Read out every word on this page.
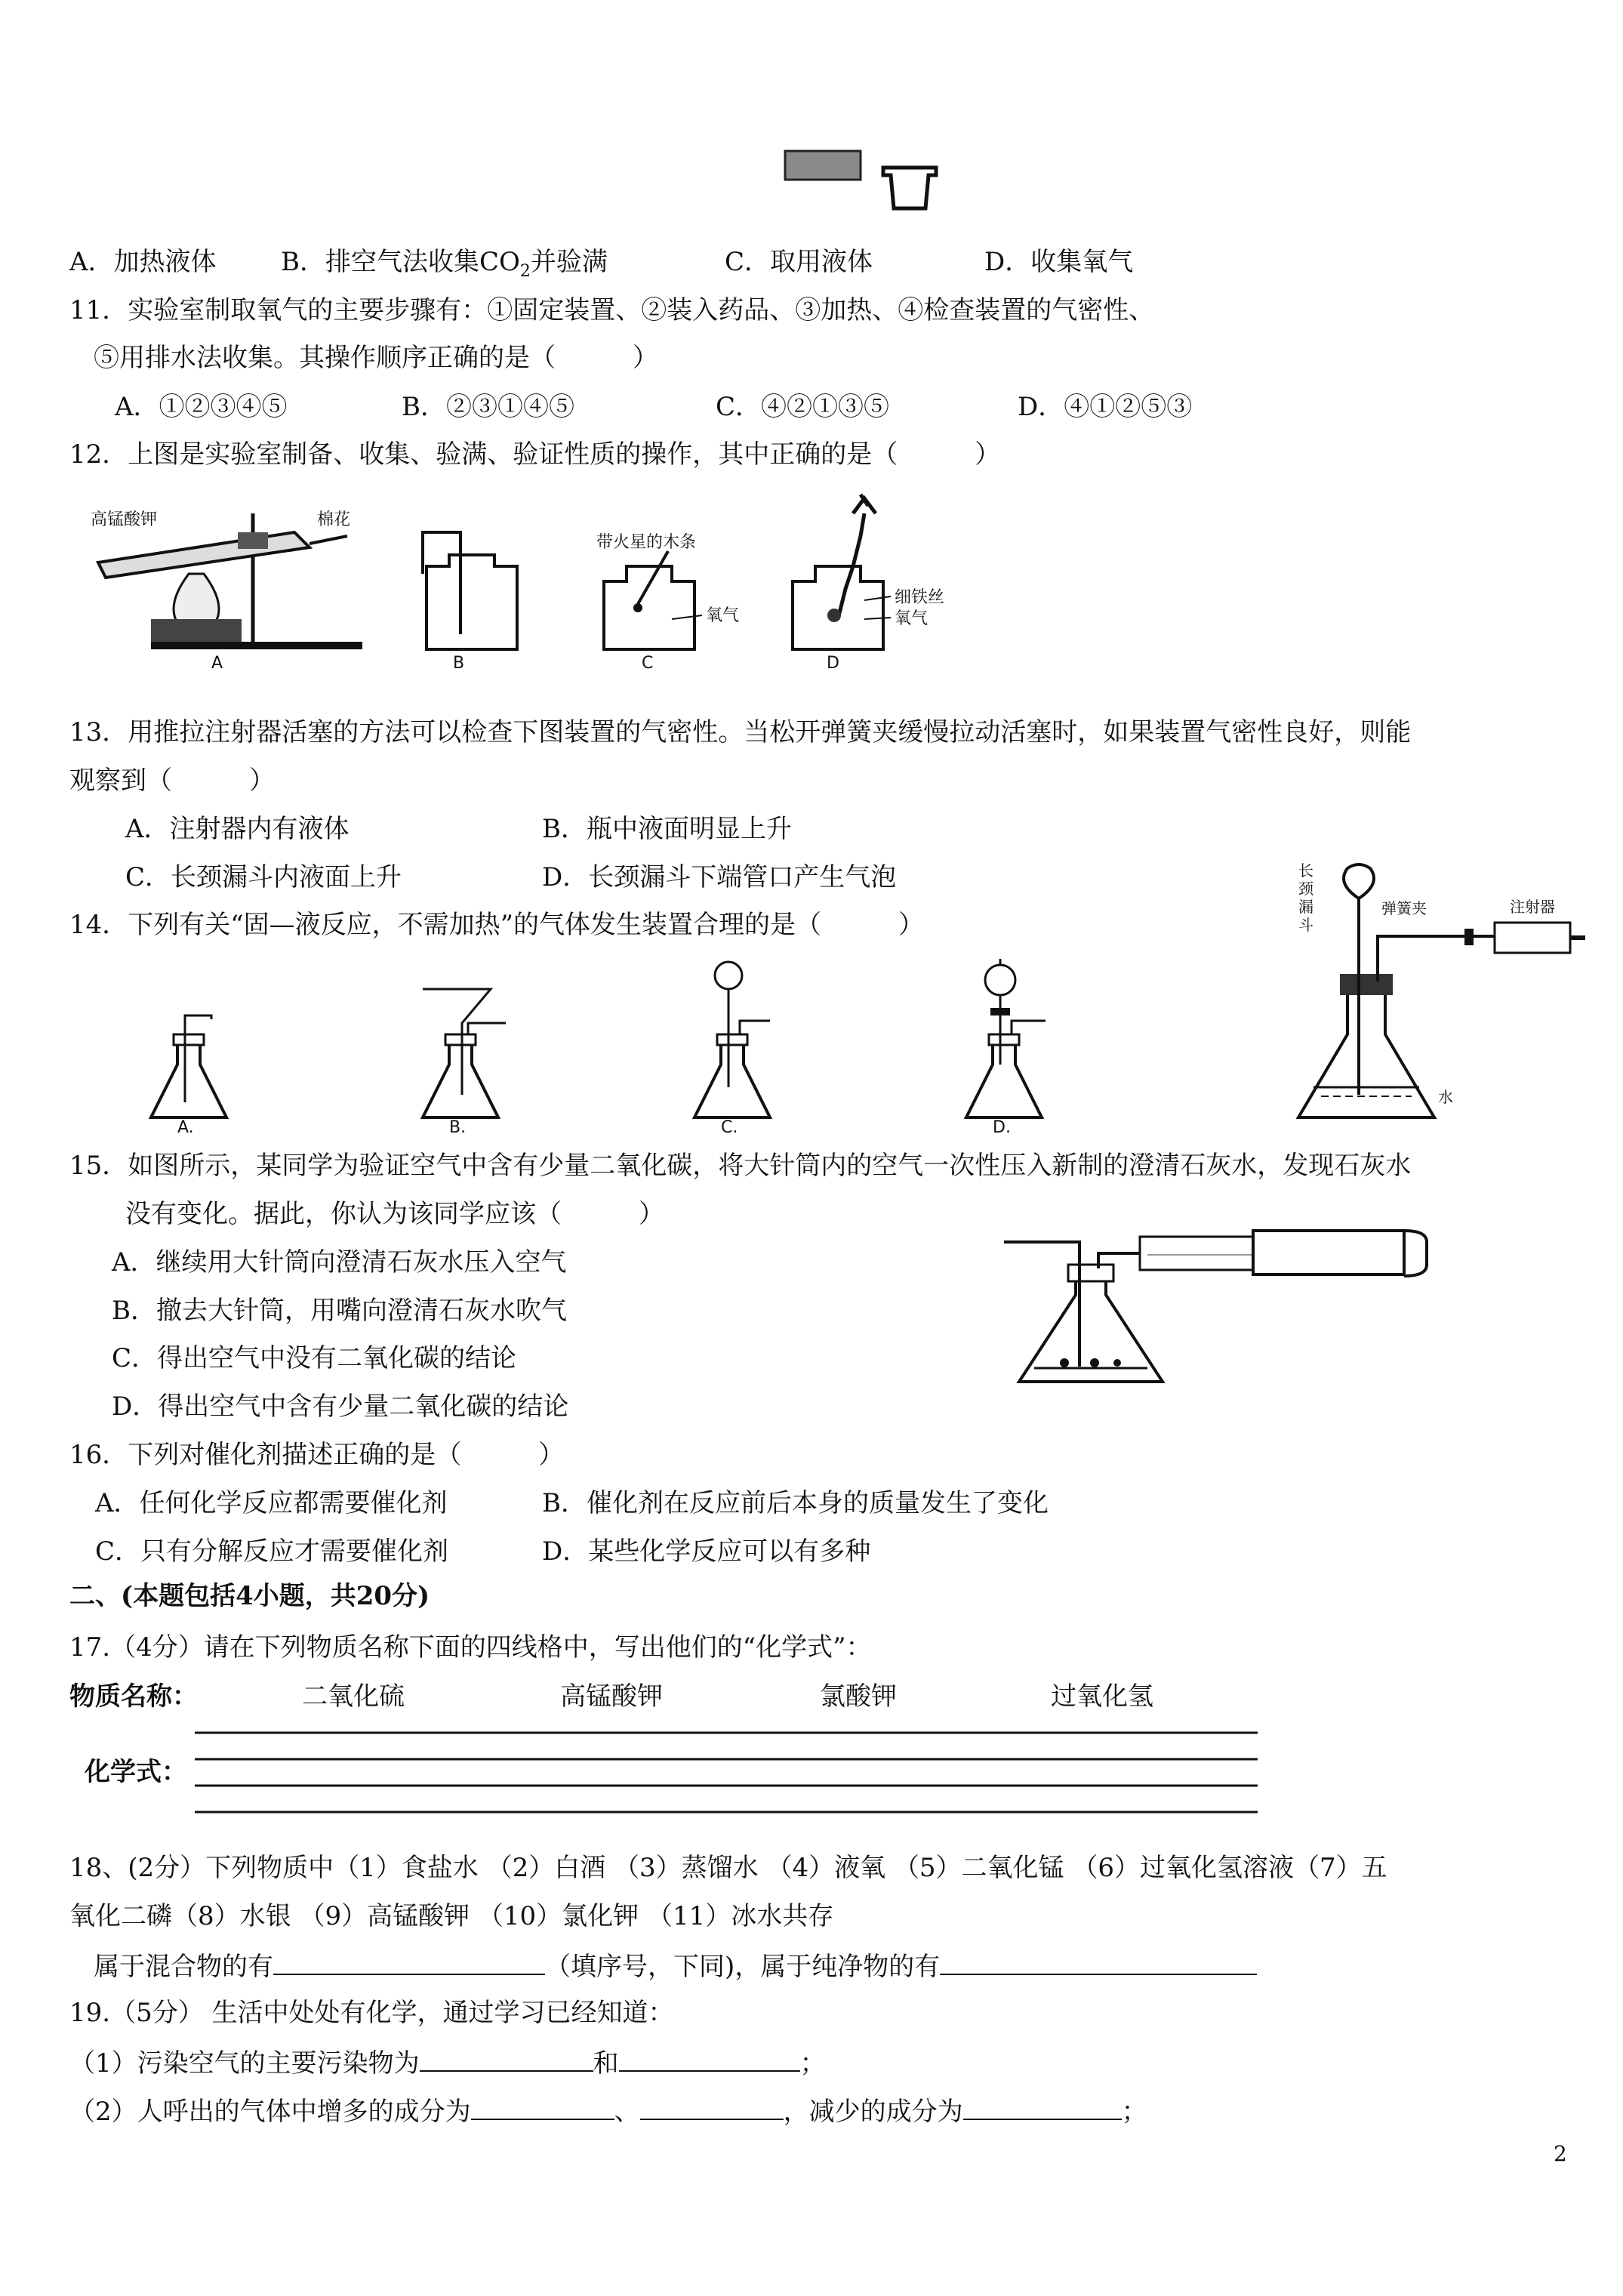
A．加热液体	B．排空气法收集$CO_2$并验满	C．取用液体	D．收集氧气
11．实验室制取氧气的主要步骤有：①固定装置、②装入药品、③加热、④检查装置的气密性、
⑤用排水法收集。其操作顺序正确的是（　　　）
A．①②③④⑤	B．②③①④⑤	C．④②①③⑤	D．④①②⑤③
12．上图是实验室制备、收集、验满、验证性质的操作，其中正确的是（　　　）
高锰酸钾	棉花
A	B
带火星的木条
氧气
C
细铁丝
氧气
D
13．用推拉注射器活塞的方法可以检查下图装置的气密性。当松开弹簧夹缓慢拉动活塞时，如果装置气密性良好，则能
观察到（　　　）
A．注射器内有液体	B．瓶中液面明显上升
C．长颈漏斗内液面上升	D．长颈漏斗下端管口产生气泡	长
颈
漏
斗
弹簧夹	注射器
水
14．下列有关“固—液反应，不需加热”的气体发生装置合理的是（　　　）
A.	B.	C.	D.
15．如图所示，某同学为验证空气中含有少量二氧化碳，将大针筒内的空气一次性压入新制的澄清石灰水，发现石灰水
没有变化。据此，你认为该同学应该（　　　）
A．继续用大针筒向澄清石灰水压入空气
B．撤去大针筒，用嘴向澄清石灰水吹气
C．得出空气中没有二氧化碳的结论
D．得出空气中含有少量二氧化碳的结论
16．下列对催化剂描述正确的是（　　　）
A．任何化学反应都需要催化剂	B．催化剂在反应前后本身的质量发生了变化
C．只有分解反应才需要催化剂	D．某些化学反应可以有多种
二、(本题包括4小题，共20分)
17.（4分）请在下列物质名称下面的四线格中，写出他们的“化学式”：
物质名称：	二氧化硫	高锰酸钾	氯酸钾	过氧化氢
化学式：
18、(2分）下列物质中（1）食盐水 （2）白酒 （3）蒸馏水 （4）液氧 （5）二氧化锰 （6）过氧化氢溶液（7）五
氧化二磷（8）水银 （9）高锰酸钾 （10）氯化钾 （11）冰水共存
属于混合物的有	（填序号，下同)，属于纯净物的有
19.（5分） 生活中处处有化学，通过学习已经知道：
（1）污染空气的主要污染物为	和	；
（2）人呼出的气体中增多的成分为	、	，减少的成分为	；
2
